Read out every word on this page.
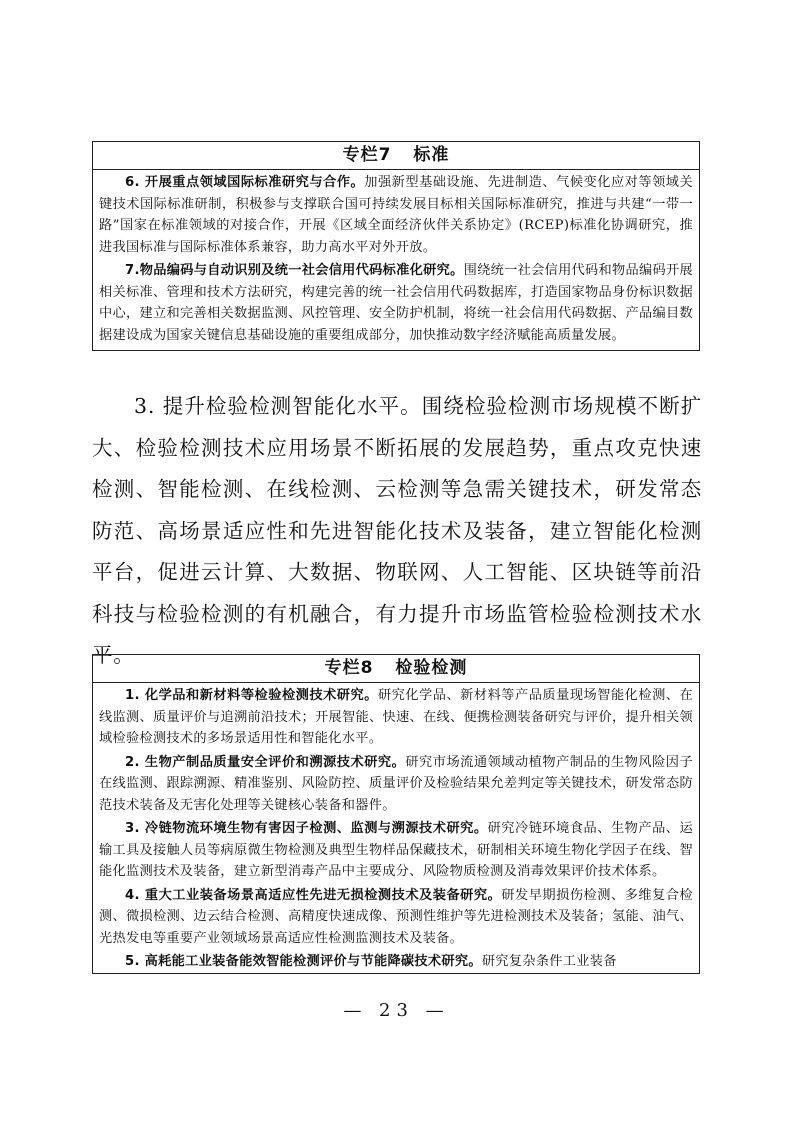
专栏7 标准

6. 开展重点领域国际标准研究与合作。加强新型基础设施、先进制造、气候变化应对等领域关键技术国际标准研制，积极参与支撑联合国可持续发展目标相关国际标准研究，推进与共建“一带一路”国家在标准领域的对接合作，开展《区域全面经济伙伴关系协定》(RCEP)标准化协调研究，推进我国标准与国际标准体系兼容，助力高水平对外开放。

7.物品编码与自动识别及统一社会信用代码标准化研究。围绕统一社会信用代码和物品编码开展相关标准、管理和技术方法研究，构建完善的统一社会信用代码数据库，打造国家物品身份标识数据中心，建立和完善相关数据监测、风控管理、安全防护机制，将统一社会信用代码数据、产品编目数据建设成为国家关键信息基础设施的重要组成部分，加快推动数字经济赋能高质量发展。

3. 提升检验检测智能化水平。围绕检验检测市场规模不断扩大、检验检测技术应用场景不断拓展的发展趋势，重点攻克快速检测、智能检测、在线检测、云检测等急需关键技术，研发常态防范、高场景适应性和先进智能化技术及装备，建立智能化检测平台，促进云计算、大数据、物联网、人工智能、区块链等前沿科技与检验检测的有机融合，有力提升市场监管检验检测技术水平。

专栏8 检验检测

1. 化学品和新材料等检验检测技术研究。研究化学品、新材料等产品质量现场智能化检测、在线监测、质量评价与追溯前沿技术；开展智能、快速、在线、便携检测装备研究与评价，提升相关领域检验检测技术的多场景适用性和智能化水平。

2. 生物产制品质量安全评价和溯源技术研究。研究市场流通领域动植物产制品的生物风险因子在线监测、跟踪溯源、精准鉴别、风险防控、质量评价及检验结果允差判定等关键技术，研发常态防范技术装备及无害化处理等关键核心装备和器件。

3. 冷链物流环境生物有害因子检测、监测与溯源技术研究。研究冷链环境食品、生物产品、运输工具及接触人员等病原微生物检测及典型生物样品保藏技术，研制相关环境生物化学因子在线、智能化监测技术及装备，建立新型消毒产品中主要成分、风险物质检测及消毒效果评价技术体系。

4. 重大工业装备场景高适应性先进无损检测技术及装备研究。研发早期损伤检测、多维复合检测、微损检测、边云结合检测、高精度快速成像、预测性维护等先进检测技术及装备；氢能、油气、光热发电等重要产业领域场景高适应性检测监测技术及装备。

5. 高耗能工业装备能效智能检测评价与节能降碳技术研究。研究复杂条件工业装备

— 23 —
